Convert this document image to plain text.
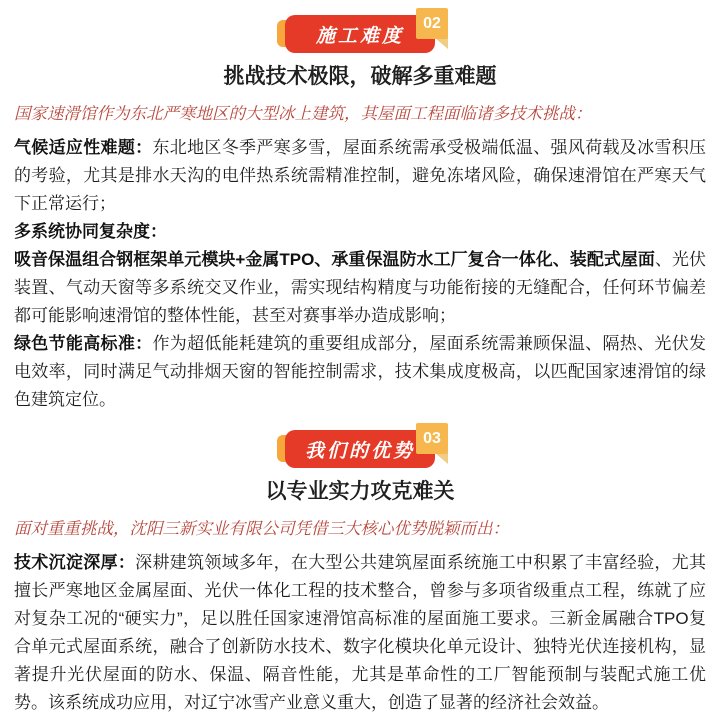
02
施工难度
挑战技术极限，破解多重难题

国家速滑馆作为东北严寒地区的大型冰上建筑，其屋面工程面临诸多技术挑战：

气候适应性难题：东北地区冬季严寒多雪，屋面系统需承受极端低温、强风荷载及冰雪积压的考验，尤其是排水天沟的电伴热系统需精准控制，避免冻堵风险，确保速滑馆在严寒天气下正常运行；

多系统协同复杂度：

吸音保温组合钢框架单元模块+金属TPO、承重保温防水工厂复合一体化、装配式屋面、光伏装置、气动天窗等多系统交叉作业，需实现结构精度与功能衔接的无缝配合，任何环节偏差都可能影响速滑馆的整体性能，甚至对赛事举办造成影响；

绿色节能高标准：作为超低能耗建筑的重要组成部分，屋面系统需兼顾保温、隔热、光伏发电效率，同时满足气动排烟天窗的智能控制需求，技术集成度极高，以匹配国家速滑馆的绿色建筑定位。

03
我们的优势
以专业实力攻克难关

面对重重挑战，沈阳三新实业有限公司凭借三大核心优势脱颖而出：

技术沉淀深厚：深耕建筑领域多年，在大型公共建筑屋面系统施工中积累了丰富经验，尤其擅长严寒地区金属屋面、光伏一体化工程的技术整合，曾参与多项省级重点工程，练就了应对复杂工况的“硬实力”，足以胜任国家速滑馆高标准的屋面施工要求。三新金属融合TPO复合单元式屋面系统，融合了创新防水技术、数字化模块化单元设计、独特光伏连接机构，显著提升光伏屋面的防水、保温、隔音性能，尤其是革命性的工厂智能预制与装配式施工优势。该系统成功应用，对辽宁冰雪产业意义重大，创造了显著的经济社会效益。
